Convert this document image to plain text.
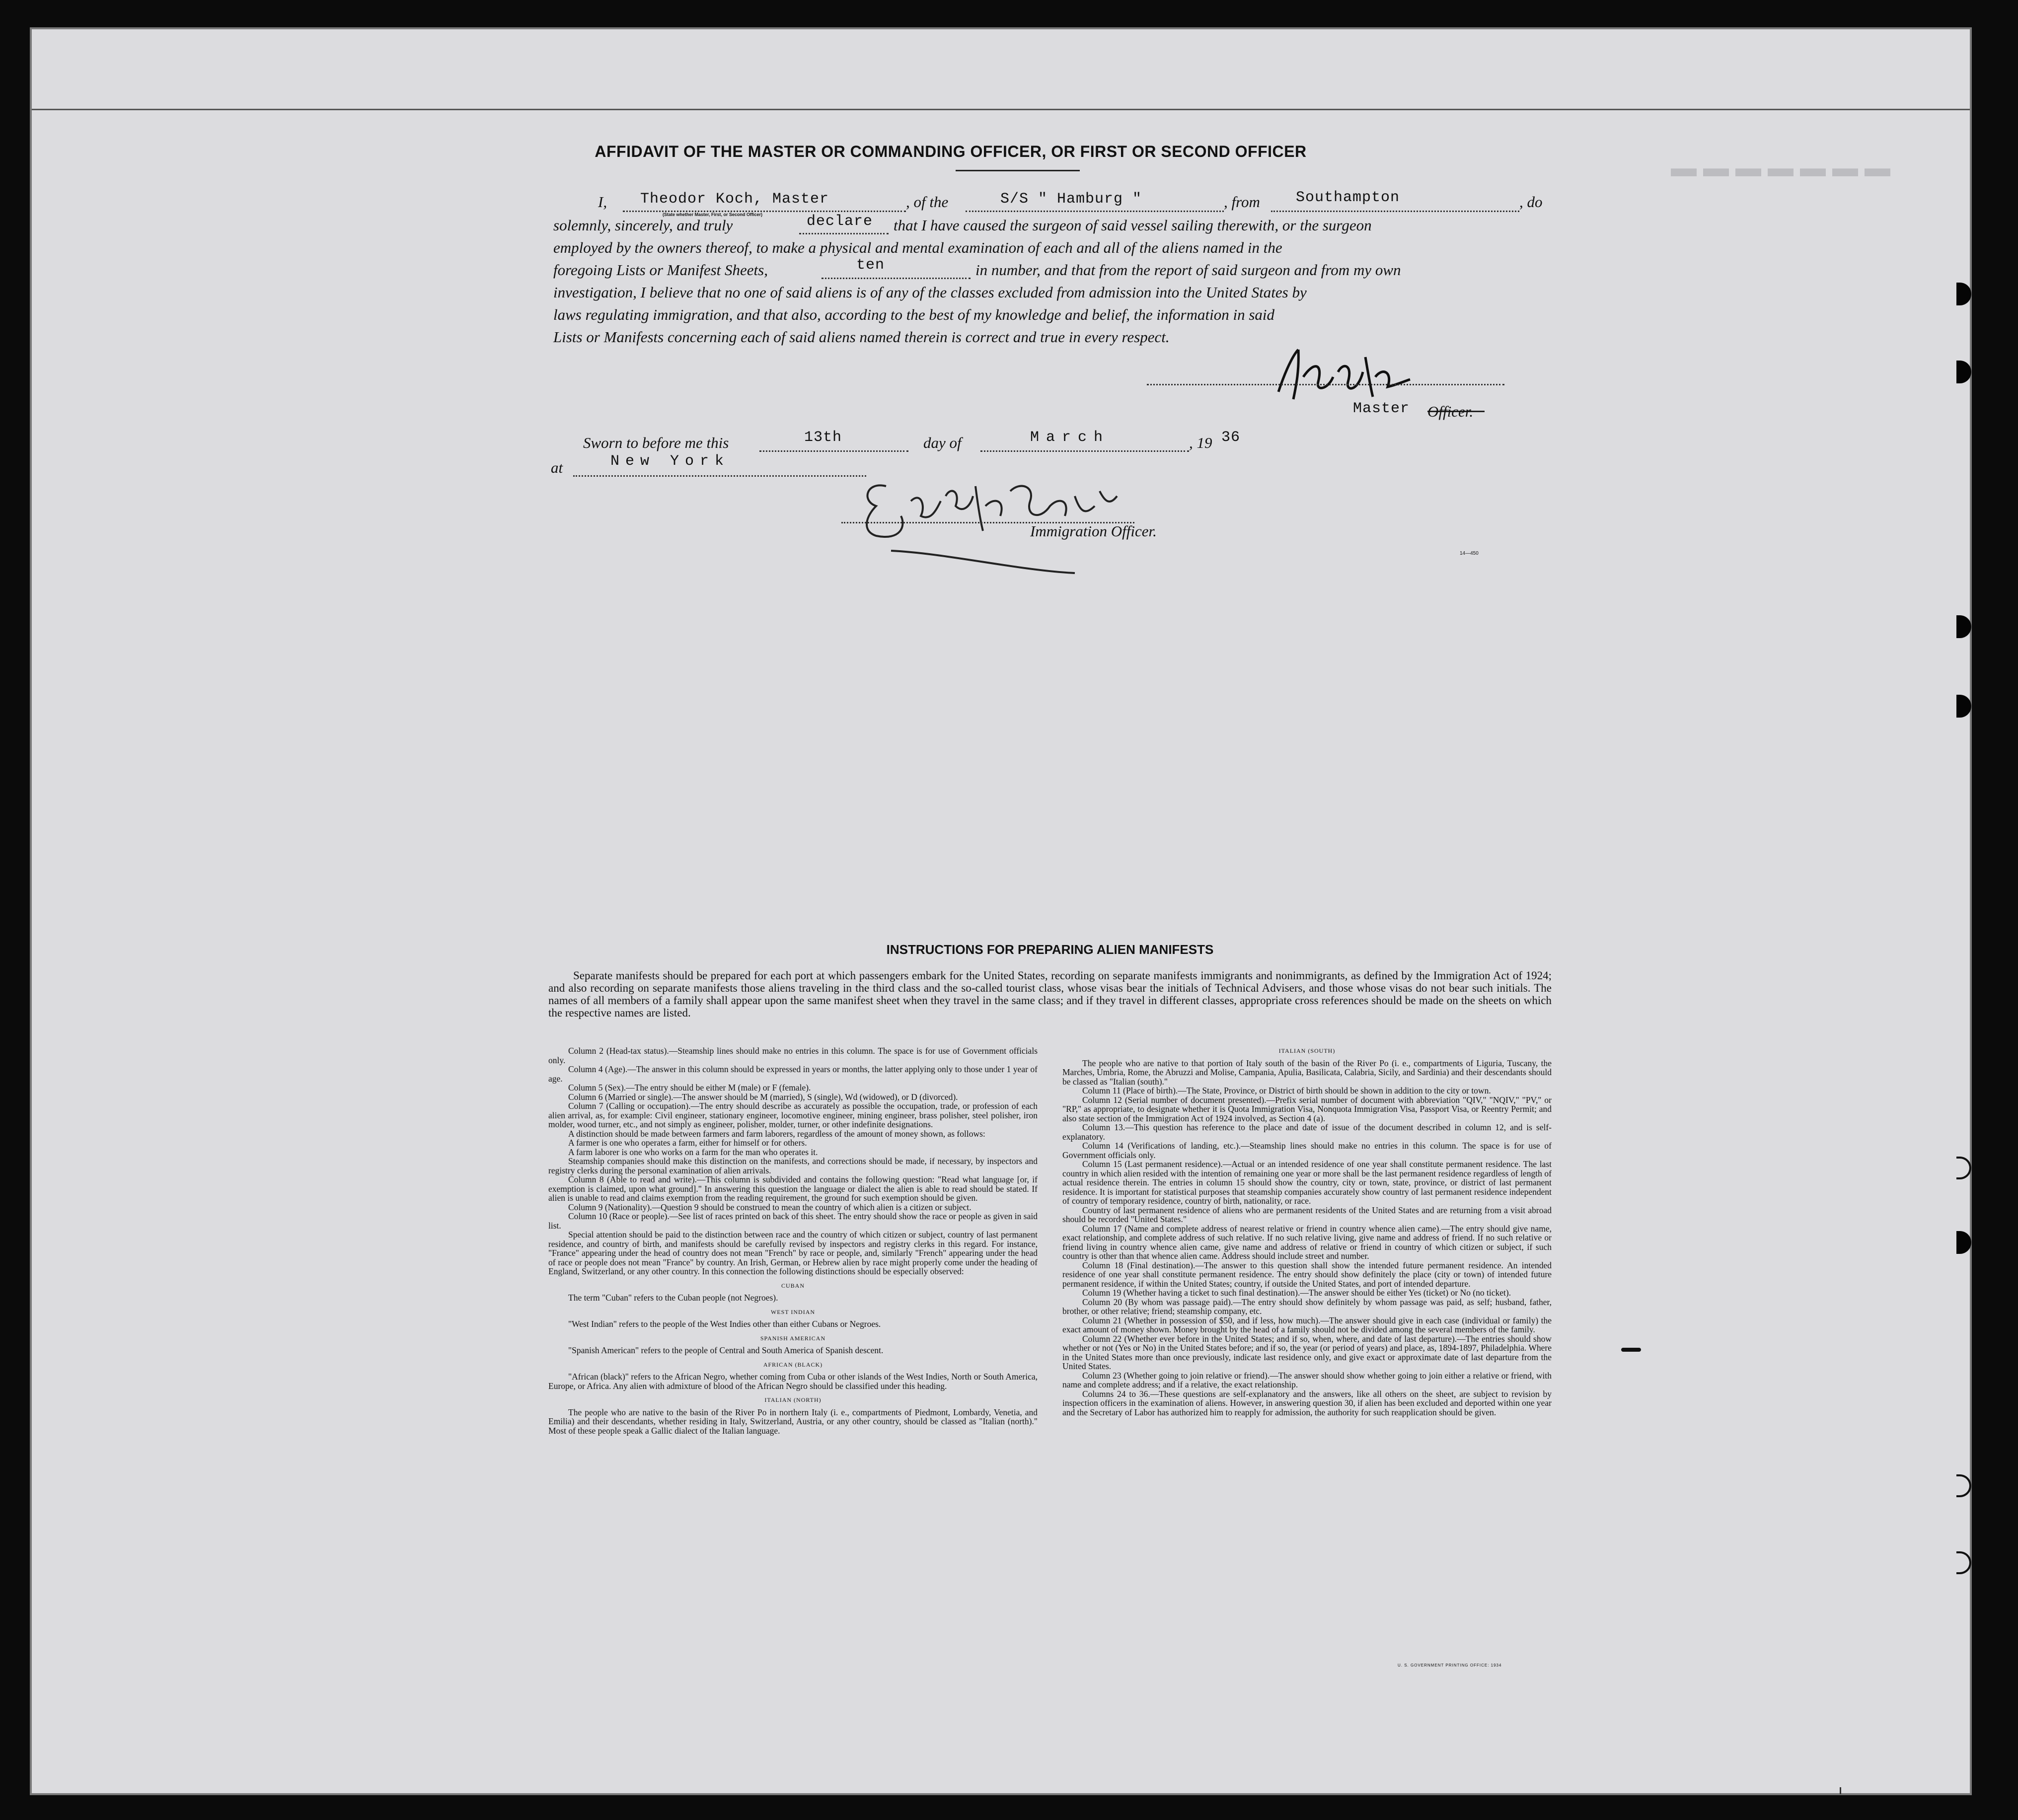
▬ ▬ ▬ ▬ ▬ ▬ ▬
AFFIDAVIT OF THE MASTER OR COMMANDING OFFICER, OR FIRST OR SECOND OFFICER
I, Theodor Koch, Master
(State whether Master, First, or Second Officer)
, of the	S/S " Hamburg "	, from Southampton	, do
solemnly, sincerely, and truly	declare that I have caused the surgeon of said vessel sailing therewith, or the surgeon
employed by the owners thereof, to make a physical and mental examination of each and all of the aliens named in the
foregoing Lists or Manifest Sheets,	ten	in number, and that from the report of said surgeon and from my own
investigation, I believe that no one of said aliens is of any of the classes excluded from admission into the United States by
laws regulating immigration, and that also, according to the best of my knowledge and belief, the information in said
Lists or Manifests concerning each of said aliens named therein is correct and true in every respect.
Master Officer.
Sworn to before me this	13th	day of	March	, 19 36
at	New York
Immigration Officer.
14—450
INSTRUCTIONS FOR PREPARING ALIEN MANIFESTS
Separate manifests should be prepared for each port at which passengers embark for the United States, recording on separate manifests immigrants and nonimmigrants, as defined by the Immigration Act of 1924; and also recording on separate manifests those aliens traveling in the third class and the so-called tourist class, whose visas bear the initials of Technical Advisers, and those whose visas do not bear such initials. The names of all members of a family shall appear upon the same manifest sheet when they travel in the same class; and if they travel in different classes, appropriate cross references should be made on the sheets on which the respective names are listed.

Column 2 (Head-tax status).—Steamship lines should make no entries in this column. The space is for use of Government officials only.

Column 4 (Age).—The answer in this column should be expressed in years or months, the latter applying only to those under 1 year of age.

Column 5 (Sex).—The entry should be either M (male) or F (female).

Column 6 (Married or single).—The answer should be M (married), S (single), Wd (widowed), or D (divorced).

Column 7 (Calling or occupation).—The entry should describe as accurately as possible the occupation, trade, or profession of each alien arrival, as, for example: Civil engineer, stationary engineer, locomotive engineer, mining engineer, brass polisher, steel polisher, iron molder, wood turner, etc., and not simply as engineer, polisher, molder, turner, or other indefinite designations.

A distinction should be made between farmers and farm laborers, regardless of the amount of money shown, as follows:

A farmer is one who operates a farm, either for himself or for others.

A farm laborer is one who works on a farm for the man who operates it.

Steamship companies should make this distinction on the manifests, and corrections should be made, if necessary, by inspectors and registry clerks during the personal examination of alien arrivals.

Column 8 (Able to read and write).—This column is subdivided and contains the following question: "Read what language [or, if exemption is claimed, upon what ground]." In answering this question the language or dialect the alien is able to read should be stated. If alien is unable to read and claims exemption from the reading requirement, the ground for such exemption should be given.

Column 9 (Nationality).—Question 9 should be construed to mean the country of which alien is a citizen or subject.

Column 10 (Race or people).—See list of races printed on back of this sheet. The entry should show the race or people as given in said list.

Special attention should be paid to the distinction between race and the country of which citizen or subject, country of last permanent residence, and country of birth, and manifests should be carefully revised by inspectors and registry clerks in this regard. For instance, "France" appearing under the head of country does not mean "French" by race or people, and, similarly "French" appearing under the head of race or people does not mean "France" by country. An Irish, German, or Hebrew alien by race might properly come under the heading of England, Switzerland, or any other country. In this connection the following distinctions should be especially observed:

CUBAN

The term "Cuban" refers to the Cuban people (not Negroes).

WEST INDIAN

"West Indian" refers to the people of the West Indies other than either Cubans or Negroes.

SPANISH AMERICAN

"Spanish American" refers to the people of Central and South America of Spanish descent.

AFRICAN (BLACK)

"African (black)" refers to the African Negro, whether coming from Cuba or other islands of the West Indies, North or South America, Europe, or Africa. Any alien with admixture of blood of the African Negro should be classified under this heading.

ITALIAN (NORTH)

The people who are native to the basin of the River Po in northern Italy (i. e., compartments of Piedmont, Lombardy, Venetia, and Emilia) and their descendants, whether residing in Italy, Switzerland, Austria, or any other country, should be classed as "Italian (north)." Most of these people speak a Gallic dialect of the Italian language.

ITALIAN (SOUTH)

The people who are native to that portion of Italy south of the basin of the River Po (i. e., compartments of Liguria, Tuscany, the Marches, Umbria, Rome, the Abruzzi and Molise, Campania, Apulia, Basilicata, Calabria, Sicily, and Sardinia) and their descendants should be classed as "Italian (south)."

Column 11 (Place of birth).—The State, Province, or District of birth should be shown in addition to the city or town.

Column 12 (Serial number of document presented).—Prefix serial number of document with abbreviation "QIV," "NQIV," "PV," or "RP," as appropriate, to designate whether it is Quota Immigration Visa, Nonquota Immigration Visa, Passport Visa, or Reentry Permit; and also state section of the Immigration Act of 1924 involved, as Section 4 (a).

Column 13.—This question has reference to the place and date of issue of the document described in column 12, and is self-explanatory.

Column 14 (Verifications of landing, etc.).—Steamship lines should make no entries in this column. The space is for use of Government officials only.

Column 15 (Last permanent residence).—Actual or an intended residence of one year shall constitute permanent residence. The last country in which alien resided with the intention of remaining one year or more shall be the last permanent residence regardless of length of actual residence therein. The entries in column 15 should show the country, city or town, state, province, or district of last permanent residence. It is important for statistical purposes that steamship companies accurately show country of last permanent residence independent of country of temporary residence, country of birth, nationality, or race.

Country of last permanent residence of aliens who are permanent residents of the United States and are returning from a visit abroad should be recorded "United States."

Column 17 (Name and complete address of nearest relative or friend in country whence alien came).—The entry should give name, exact relationship, and complete address of such relative. If no such relative living, give name and address of friend. If no such relative or friend living in country whence alien came, give name and address of relative or friend in country of which citizen or subject, if such country is other than that whence alien came. Address should include street and number.

Column 18 (Final destination).—The answer to this question shall show the intended future permanent residence. An intended residence of one year shall constitute permanent residence. The entry should show definitely the place (city or town) of intended future permanent residence, if within the United States; country, if outside the United States, and port of intended departure.

Column 19 (Whether having a ticket to such final destination).—The answer should be either Yes (ticket) or No (no ticket).

Column 20 (By whom was passage paid).—The entry should show definitely by whom passage was paid, as self; husband, father, brother, or other relative; friend; steamship company, etc.

Column 21 (Whether in possession of $50, and if less, how much).—The answer should give in each case (individual or family) the exact amount of money shown. Money brought by the head of a family should not be divided among the several members of the family.

Column 22 (Whether ever before in the United States; and if so, when, where, and date of last departure).—The entries should show whether or not (Yes or No) in the United States before; and if so, the year (or period of years) and place, as, 1894-1897, Philadelphia. Where in the United States more than once previously, indicate last residence only, and give exact or approximate date of last departure from the United States.

Column 23 (Whether going to join relative or friend).—The answer should show whether going to join either a relative or friend, with name and complete address; and if a relative, the exact relationship.

Columns 24 to 36.—These questions are self-explanatory and the answers, like all others on the sheet, are subject to revision by inspection officers in the examination of aliens. However, in answering question 30, if alien has been excluded and deported within one year and the Secretary of Labor has authorized him to reapply for admission, the authority for such reapplication should be given.

U. S. GOVERNMENT PRINTING OFFICE: 1934
